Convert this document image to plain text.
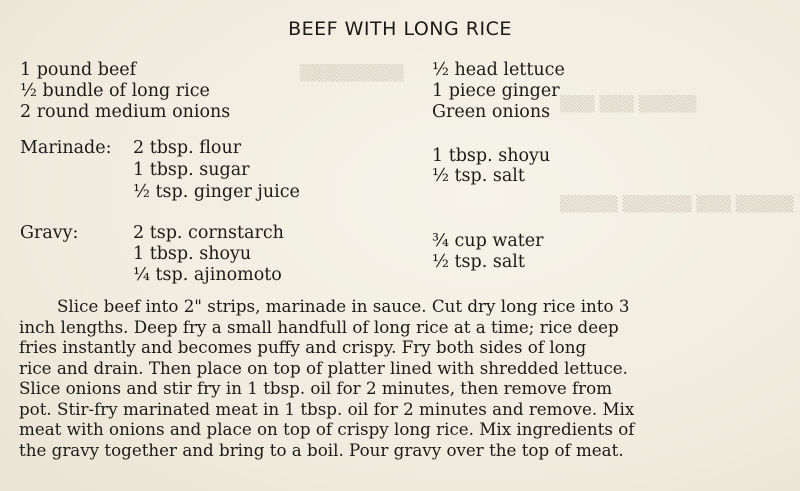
▒▒▒▒▒▒▒▒▒
▒▒▒ ▒▒▒ ▒▒▒▒▒
▒▒▒▒▒ ▒▒▒▒▒▒ ▒▒▒ ▒▒▒▒▒
BEEF WITH LONG RICE
1 pound beef
½ bundle of long rice
2 round medium onions
½ head lettuce
1 piece ginger
Green onions
Marinade: 2 tbsp. flour
1 tbsp. sugar
½ tsp. ginger juice
1 tbsp. shoyu
½ tsp. salt
Gravy:	2 tsp. cornstarch
1 tbsp. shoyu
¼ tsp. ajinomoto
¾ cup water
½ tsp. salt
Slice beef into 2" strips, marinade in sauce. Cut dry long rice into 3
inch lengths. Deep fry a small handfull of long rice at a time; rice deep
fries instantly and becomes puffy and crispy. Fry both sides of long
rice and drain. Then place on top of platter lined with shredded lettuce.
Slice onions and stir fry in 1 tbsp. oil for 2 minutes, then remove from
pot. Stir-fry marinated meat in 1 tbsp. oil for 2 minutes and remove. Mix
meat with onions and place on top of crispy long rice. Mix ingredients of
the gravy together and bring to a boil. Pour gravy over the top of meat.
